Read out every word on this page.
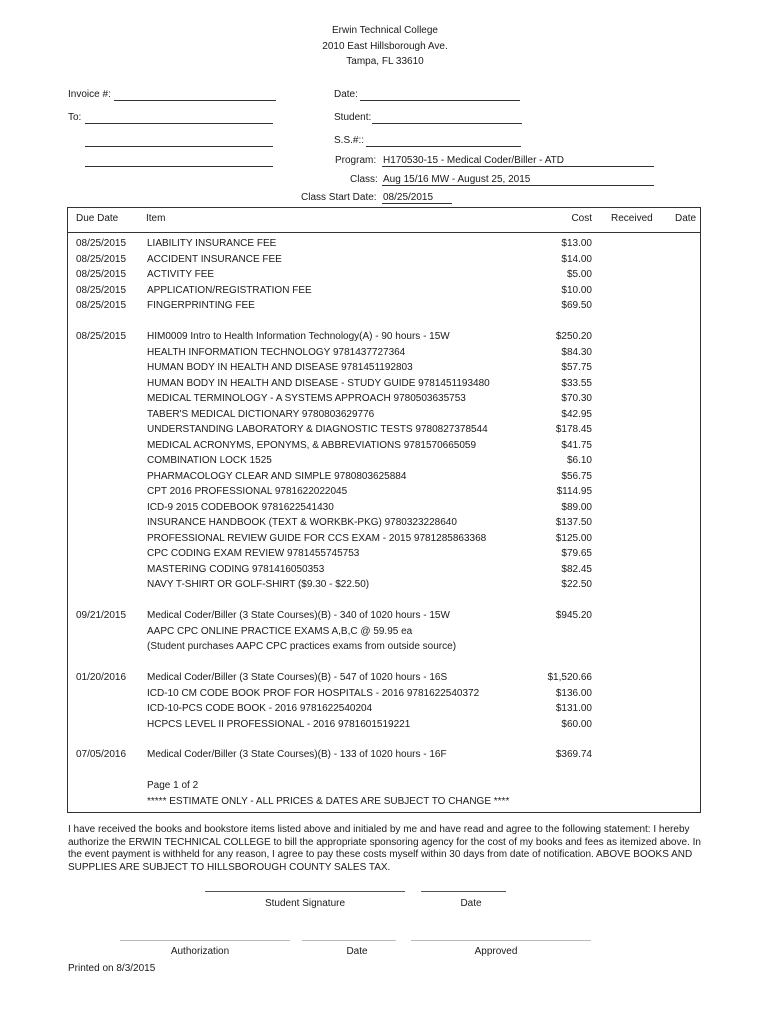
Erwin Technical College
2010 East Hillsborough Ave.
Tampa, FL 33610
Invoice #:
To:
Date:
Student:
S.S.#::
Program: H170530-15 - Medical Coder/Biller - ATD
Class: Aug 15/16 MW - August 25, 2015
Class Start Date: 08/25/2015
Due Date	Item	Cost Received Date
08/25/2015 LIABILITY INSURANCE FEE	$13.00
08/25/2015 ACCIDENT INSURANCE FEE	$14.00
08/25/2015 ACTIVITY FEE	$5.00
08/25/2015 APPLICATION/REGISTRATION FEE	$10.00
08/25/2015 FINGERPRINTING FEE	$69.50
08/25/2015 HIM0009 Intro to Health Information Technology(A) - 90 hours - 15W	$250.20
HEALTH INFORMATION TECHNOLOGY 9781437727364	$84.30
HUMAN BODY IN HEALTH AND DISEASE 9781451192803	$57.75
HUMAN BODY IN HEALTH AND DISEASE - STUDY GUIDE 9781451193480	$33.55
MEDICAL TERMINOLOGY - A SYSTEMS APPROACH 9780503635753	$70.30
TABER'S MEDICAL DICTIONARY 9780803629776	$42.95
UNDERSTANDING LABORATORY & DIAGNOSTIC TESTS 9780827378544	$178.45
MEDICAL ACRONYMS, EPONYMS, & ABBREVIATIONS 9781570665059	$41.75
COMBINATION LOCK 1525	$6.10
PHARMACOLOGY CLEAR AND SIMPLE 9780803625884	$56.75
CPT 2016 PROFESSIONAL 9781622022045	$114.95
ICD-9 2015 CODEBOOK 9781622541430	$89.00
INSURANCE HANDBOOK (TEXT & WORKBK-PKG) 9780323228640	$137.50
PROFESSIONAL REVIEW GUIDE FOR CCS EXAM - 2015 9781285863368	$125.00
CPC CODING EXAM REVIEW 9781455745753	$79.65
MASTERING CODING 9781416050353	$82.45
NAVY T-SHIRT OR GOLF-SHIRT ($9.30 - $22.50)	$22.50
09/21/2015 Medical Coder/Biller (3 State Courses)(B) - 340 of 1020 hours - 15W	$945.20
AAPC CPC ONLINE PRACTICE EXAMS A,B,C @ 59.95 ea
(Student purchases AAPC CPC practices exams from outside source)
01/20/2016 Medical Coder/Biller (3 State Courses)(B) - 547 of 1020 hours - 16S	$1,520.66
ICD-10 CM CODE BOOK PROF FOR HOSPITALS - 2016 9781622540372	$136.00
ICD-10-PCS CODE BOOK - 2016 9781622540204	$131.00
HCPCS LEVEL II PROFESSIONAL - 2016 9781601519221	$60.00
07/05/2016 Medical Coder/Biller (3 State Courses)(B) - 133 of 1020 hours - 16F	$369.74
Page 1 of 2
***** ESTIMATE ONLY - ALL PRICES & DATES ARE SUBJECT TO CHANGE ****
I have received the books and bookstore items listed above and initialed by me and have read and agree to the following statement: I hereby authorize the ERWIN TECHNICAL COLLEGE to bill the appropriate sponsoring agency for the cost of my books and fees as itemized above. In the event payment is withheld for any reason, I agree to pay these costs myself within 30 days from date of notification. ABOVE BOOKS AND SUPPLIES ARE SUBJECT TO HILLSBOROUGH COUNTY SALES TAX.
Student Signature	Date
Authorization	Date	Approved
Printed on 8/3/2015
